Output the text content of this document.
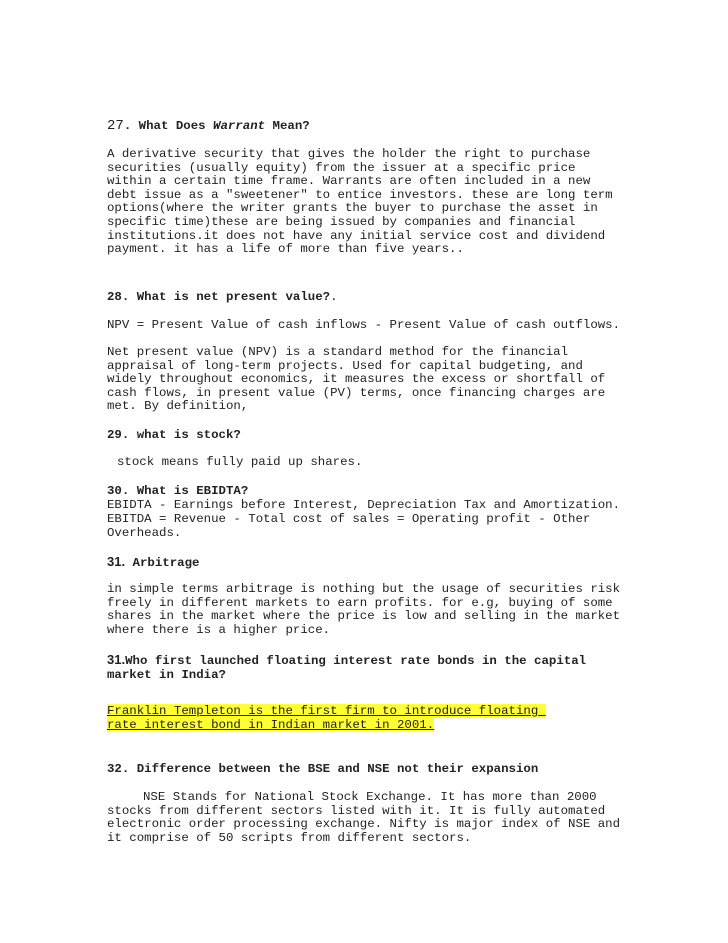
27. What Does Warrant Mean?
A derivative security that gives the holder the right to purchase securities (usually equity) from the issuer at a specific price within a certain time frame. Warrants are often included in a new debt issue as a "sweetener" to entice investors. these are long term options(where the writer grants the buyer to purchase the asset in specific time)these are being issued by companies and financial institutions.it does not have any initial service cost and dividend payment. it has a life of more than five years..
28. What is net present value?.
NPV = Present Value of cash inflows - Present Value of cash outflows.
Net present value (NPV) is a standard method for the financial appraisal of long-term projects. Used for capital budgeting, and widely throughout economics, it measures the excess or shortfall of cash flows, in present value (PV) terms, once financing charges are met. By definition,
29. what is stock?
stock means fully paid up shares.
30. What is EBIDTA?
EBIDTA - Earnings before Interest, Depreciation Tax and Amortization.
EBITDA = Revenue - Total cost of sales = Operating profit - Other Overheads.
31. Arbitrage
in simple terms arbitrage is nothing but the usage of securities risk freely in different markets to earn profits. for e.g, buying of some shares in the market where the price is low and selling in the market where there is a higher price.
31.Who first launched floating interest rate bonds in the capital market in India?
Franklin Templeton is the first firm to introduce floating rate interest bond in Indian market in 2001.
32. Difference between the BSE and NSE not their expansion
NSE Stands for National Stock Exchange. It has more than 2000 stocks from different sectors listed with it. It is fully automated electronic order processing exchange. Nifty is major index of NSE and it comprise of 50 scripts from different sectors.
